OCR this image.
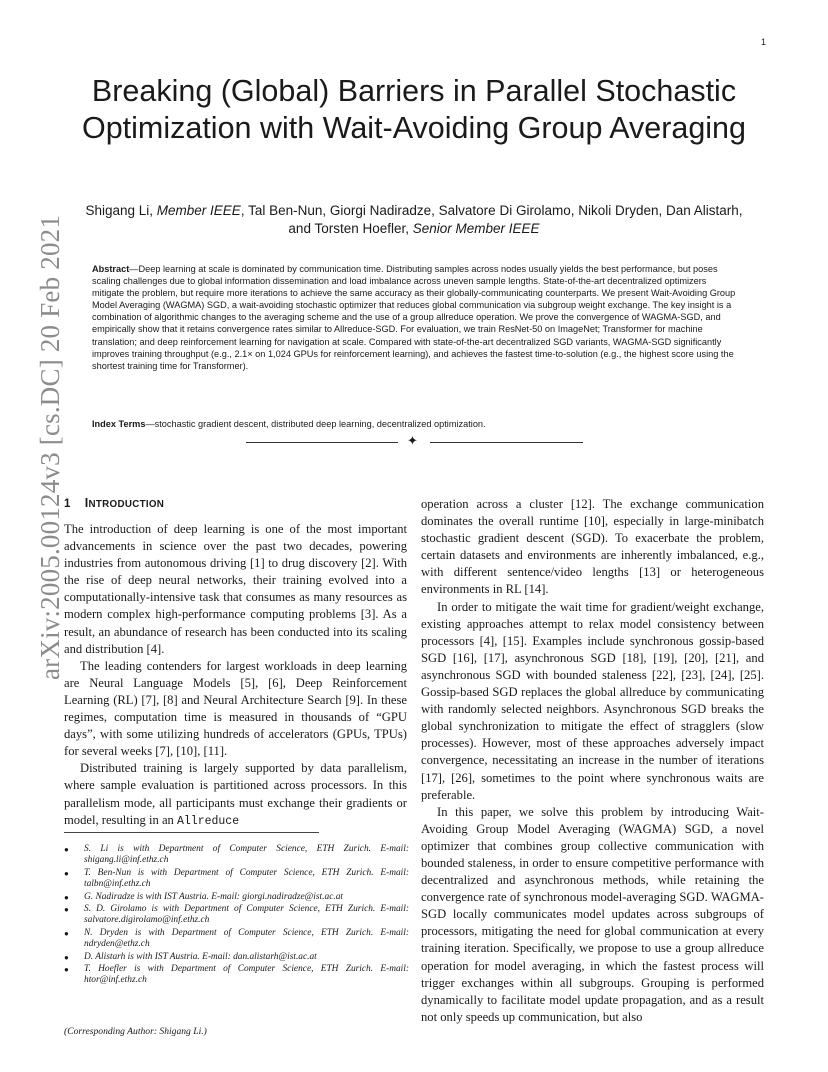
1
arXiv:2005.00124v3 [cs.DC] 20 Feb 2021
Breaking (Global) Barriers in Parallel Stochastic Optimization with Wait-Avoiding Group Averaging
Shigang Li, Member IEEE, Tal Ben-Nun, Giorgi Nadiradze, Salvatore Di Girolamo, Nikoli Dryden, Dan Alistarh, and Torsten Hoefler, Senior Member IEEE
Abstract—Deep learning at scale is dominated by communication time. Distributing samples across nodes usually yields the best performance, but poses scaling challenges due to global information dissemination and load imbalance across uneven sample lengths. State-of-the-art decentralized optimizers mitigate the problem, but require more iterations to achieve the same accuracy as their globally-communicating counterparts. We present Wait-Avoiding Group Model Averaging (WAGMA) SGD, a wait-avoiding stochastic optimizer that reduces global communication via subgroup weight exchange. The key insight is a combination of algorithmic changes to the averaging scheme and the use of a group allreduce operation. We prove the convergence of WAGMA-SGD, and empirically show that it retains convergence rates similar to Allreduce-SGD. For evaluation, we train ResNet-50 on ImageNet; Transformer for machine translation; and deep reinforcement learning for navigation at scale. Compared with state-of-the-art decentralized SGD variants, WAGMA-SGD significantly improves training throughput (e.g., 2.1× on 1,024 GPUs for reinforcement learning), and achieves the fastest time-to-solution (e.g., the highest score using the shortest training time for Transformer).
Index Terms—stochastic gradient descent, distributed deep learning, decentralized optimization.
✦
1 INTRODUCTION

The introduction of deep learning is one of the most important advancements in science over the past two decades, powering industries from autonomous driving [1] to drug discovery [2]. With the rise of deep neural networks, their training evolved into a computationally-intensive task that consumes as many resources as modern complex high-performance computing problems [3]. As a result, an abundance of research has been conducted into its scaling and distribution [4].

The leading contenders for largest workloads in deep learning are Neural Language Models [5], [6], Deep Reinforcement Learning (RL) [7], [8] and Neural Architecture Search [9]. In these regimes, computation time is measured in thousands of “GPU days”, with some utilizing hundreds of accelerators (GPUs, TPUs) for several weeks [7], [10], [11].

Distributed training is largely supported by data parallelism, where sample evaluation is partitioned across processors. In this parallelism mode, all participants must exchange their gradients or model, resulting in an Allreduce

operation across a cluster [12]. The exchange communication dominates the overall runtime [10], especially in large-minibatch stochastic gradient descent (SGD). To exacerbate the problem, certain datasets and environments are inherently imbalanced, e.g., with different sentence/video lengths [13] or heterogeneous environments in RL [14].

In order to mitigate the wait time for gradient/weight exchange, existing approaches attempt to relax model consistency between processors [4], [15]. Examples include synchronous gossip-based SGD [16], [17], asynchronous SGD [18], [19], [20], [21], and asynchronous SGD with bounded staleness [22], [23], [24], [25]. Gossip-based SGD replaces the global allreduce by communicating with randomly selected neighbors. Asynchronous SGD breaks the global synchronization to mitigate the effect of stragglers (slow processes). However, most of these approaches adversely impact convergence, necessitating an increase in the number of iterations [17], [26], sometimes to the point where synchronous waits are preferable.

In this paper, we solve this problem by introducing Wait-Avoiding Group Model Averaging (WAGMA) SGD, a novel optimizer that combines group collective communication with bounded staleness, in order to ensure competitive performance with decentralized and asynchronous methods, while retaining the convergence rate of synchronous model-averaging SGD. WAGMA-SGD locally communicates model updates across subgroups of processors, mitigating the need for global communication at every training iteration. Specifically, we propose to use a group allreduce operation for model averaging, in which the fastest process will trigger exchanges within all subgroups. Grouping is performed dynamically to facilitate model update propagation, and as a result not only speeds up communication, but also

● S. Li is with Department of Computer Science, ETH Zurich. E-mail: shigang.li@inf.ethz.ch
● T. Ben-Nun is with Department of Computer Science, ETH Zurich. E-mail: talbn@inf.ethz.ch
● G. Nadiradze is with IST Austria. E-mail: giorgi.nadiradze@ist.ac.at
● S. D. Girolamo is with Department of Computer Science, ETH Zurich. E-mail: salvatore.digirolamo@inf.ethz.ch
● N. Dryden is with Department of Computer Science, ETH Zurich. E-mail: ndryden@ethz.ch
● D. Alistarh is with IST Austria. E-mail: dan.alistarh@ist.ac.at
● T. Hoefler is with Department of Computer Science, ETH Zurich. E-mail: htor@inf.ethz.ch
(Corresponding Author: Shigang Li.)
